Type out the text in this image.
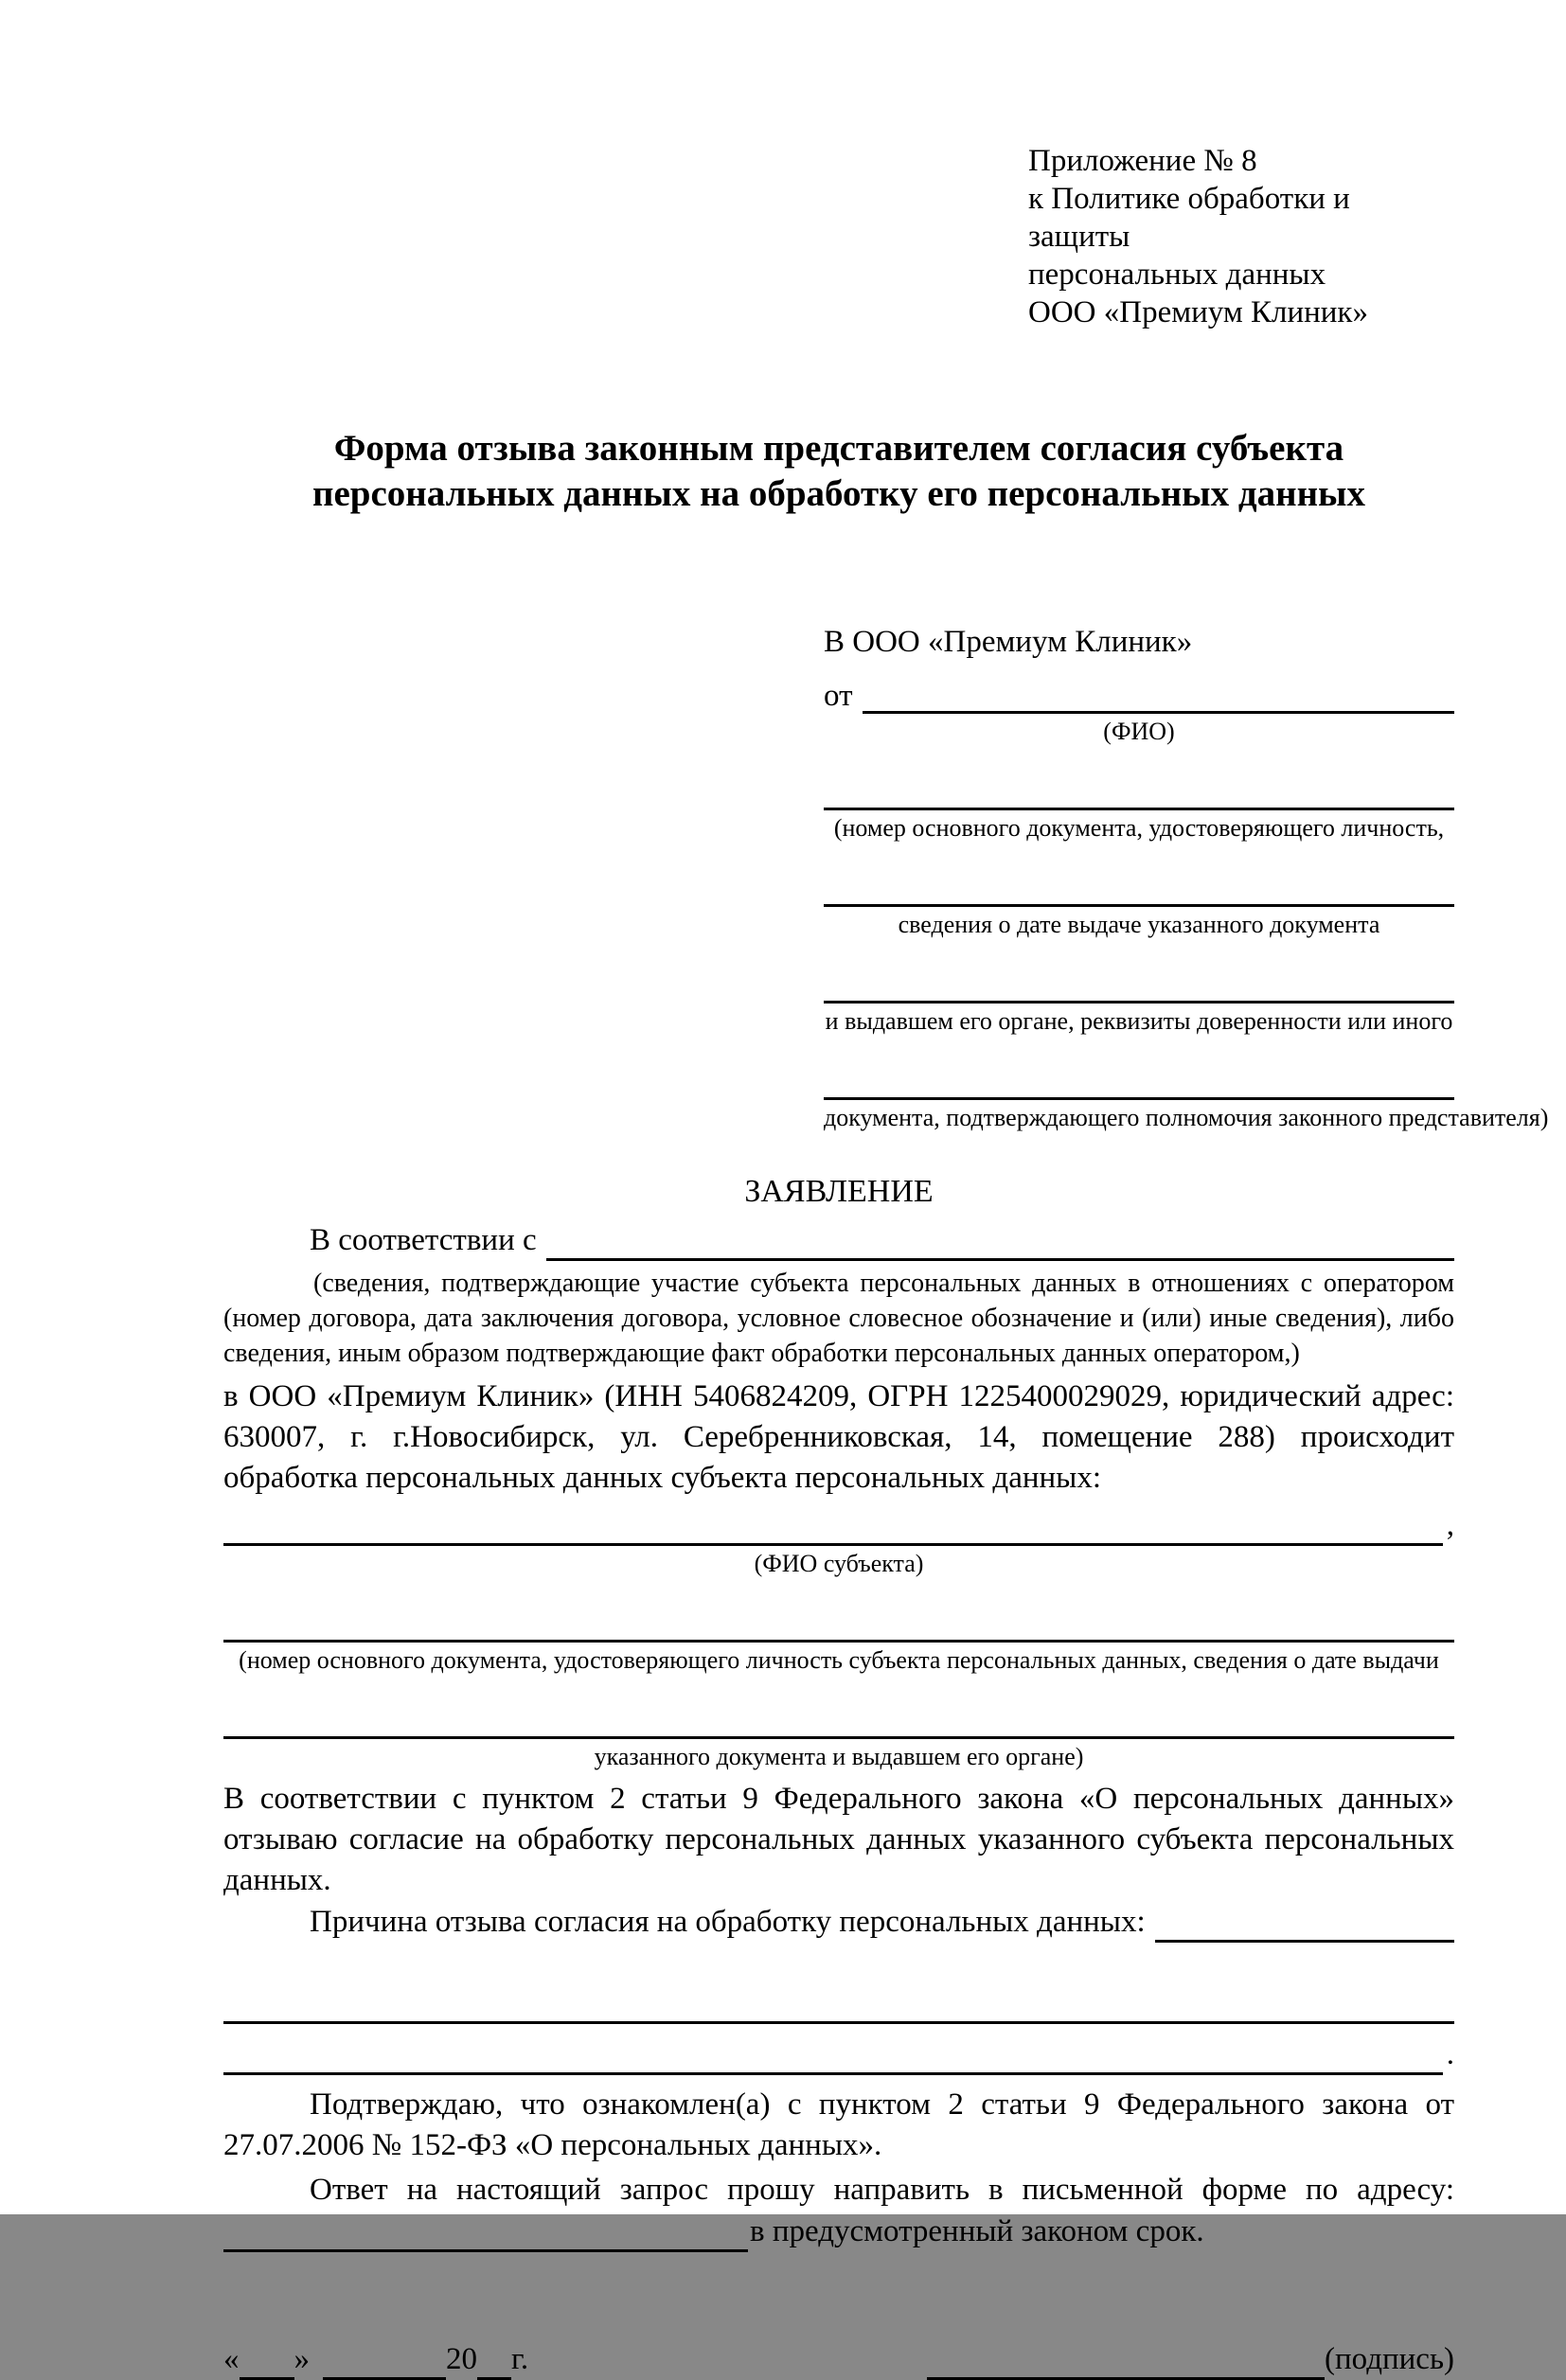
Приложение № 8
к Политике обработки и защиты
персональных данных
ООО «Премиум Клиник»
Форма отзыва законным представителем согласия субъекта
персональных данных на обработку его персональных данных
В ООО «Премиум Клиник»
от
(ФИО)
(номер основного документа, удостоверяющего личность,
сведения о дате выдаче указанного документа
и выдавшем его органе, реквизиты доверенности или иного
документа, подтверждающего полномочия законного представителя)
ЗАЯВЛЕНИЕ
В соответствии с
(сведения, подтверждающие участие субъекта персональных данных в отношениях с оператором (номер договора, дата заключения договора, условное словесное обозначение и (или) иные сведения), либо сведения, иным образом подтверждающие факт обработки персональных данных оператором,)
в ООО «Премиум Клиник» (ИНН 5406824209, ОГРН 1225400029029, юридический адрес: 630007, г. г.Новосибирск, ул. Серебренниковская, 14, помещение 288) происходит обработка персональных данных субъекта персональных данных:
,
(ФИО субъекта)
(номер основного документа, удостоверяющего личность субъекта персональных данных, сведения о дате выдачи
указанного документа и выдавшем его органе)
В соответствии с пунктом 2 статьи 9 Федерального закона «О персональных данных» отзываю согласие на обработку персональных данных указанного субъекта персональных данных.
Причина отзыва согласия на обработку персональных данных:
.
Подтверждаю, что ознакомлен(а) с пунктом 2 статьи 9 Федерального закона от 27.07.2006 № 152-ФЗ «О персональных данных».
Ответ на настоящий запрос прошу направить в письменной форме по адресу:
в предусмотренный законом срок.
« »	20 г.	(подпись)
